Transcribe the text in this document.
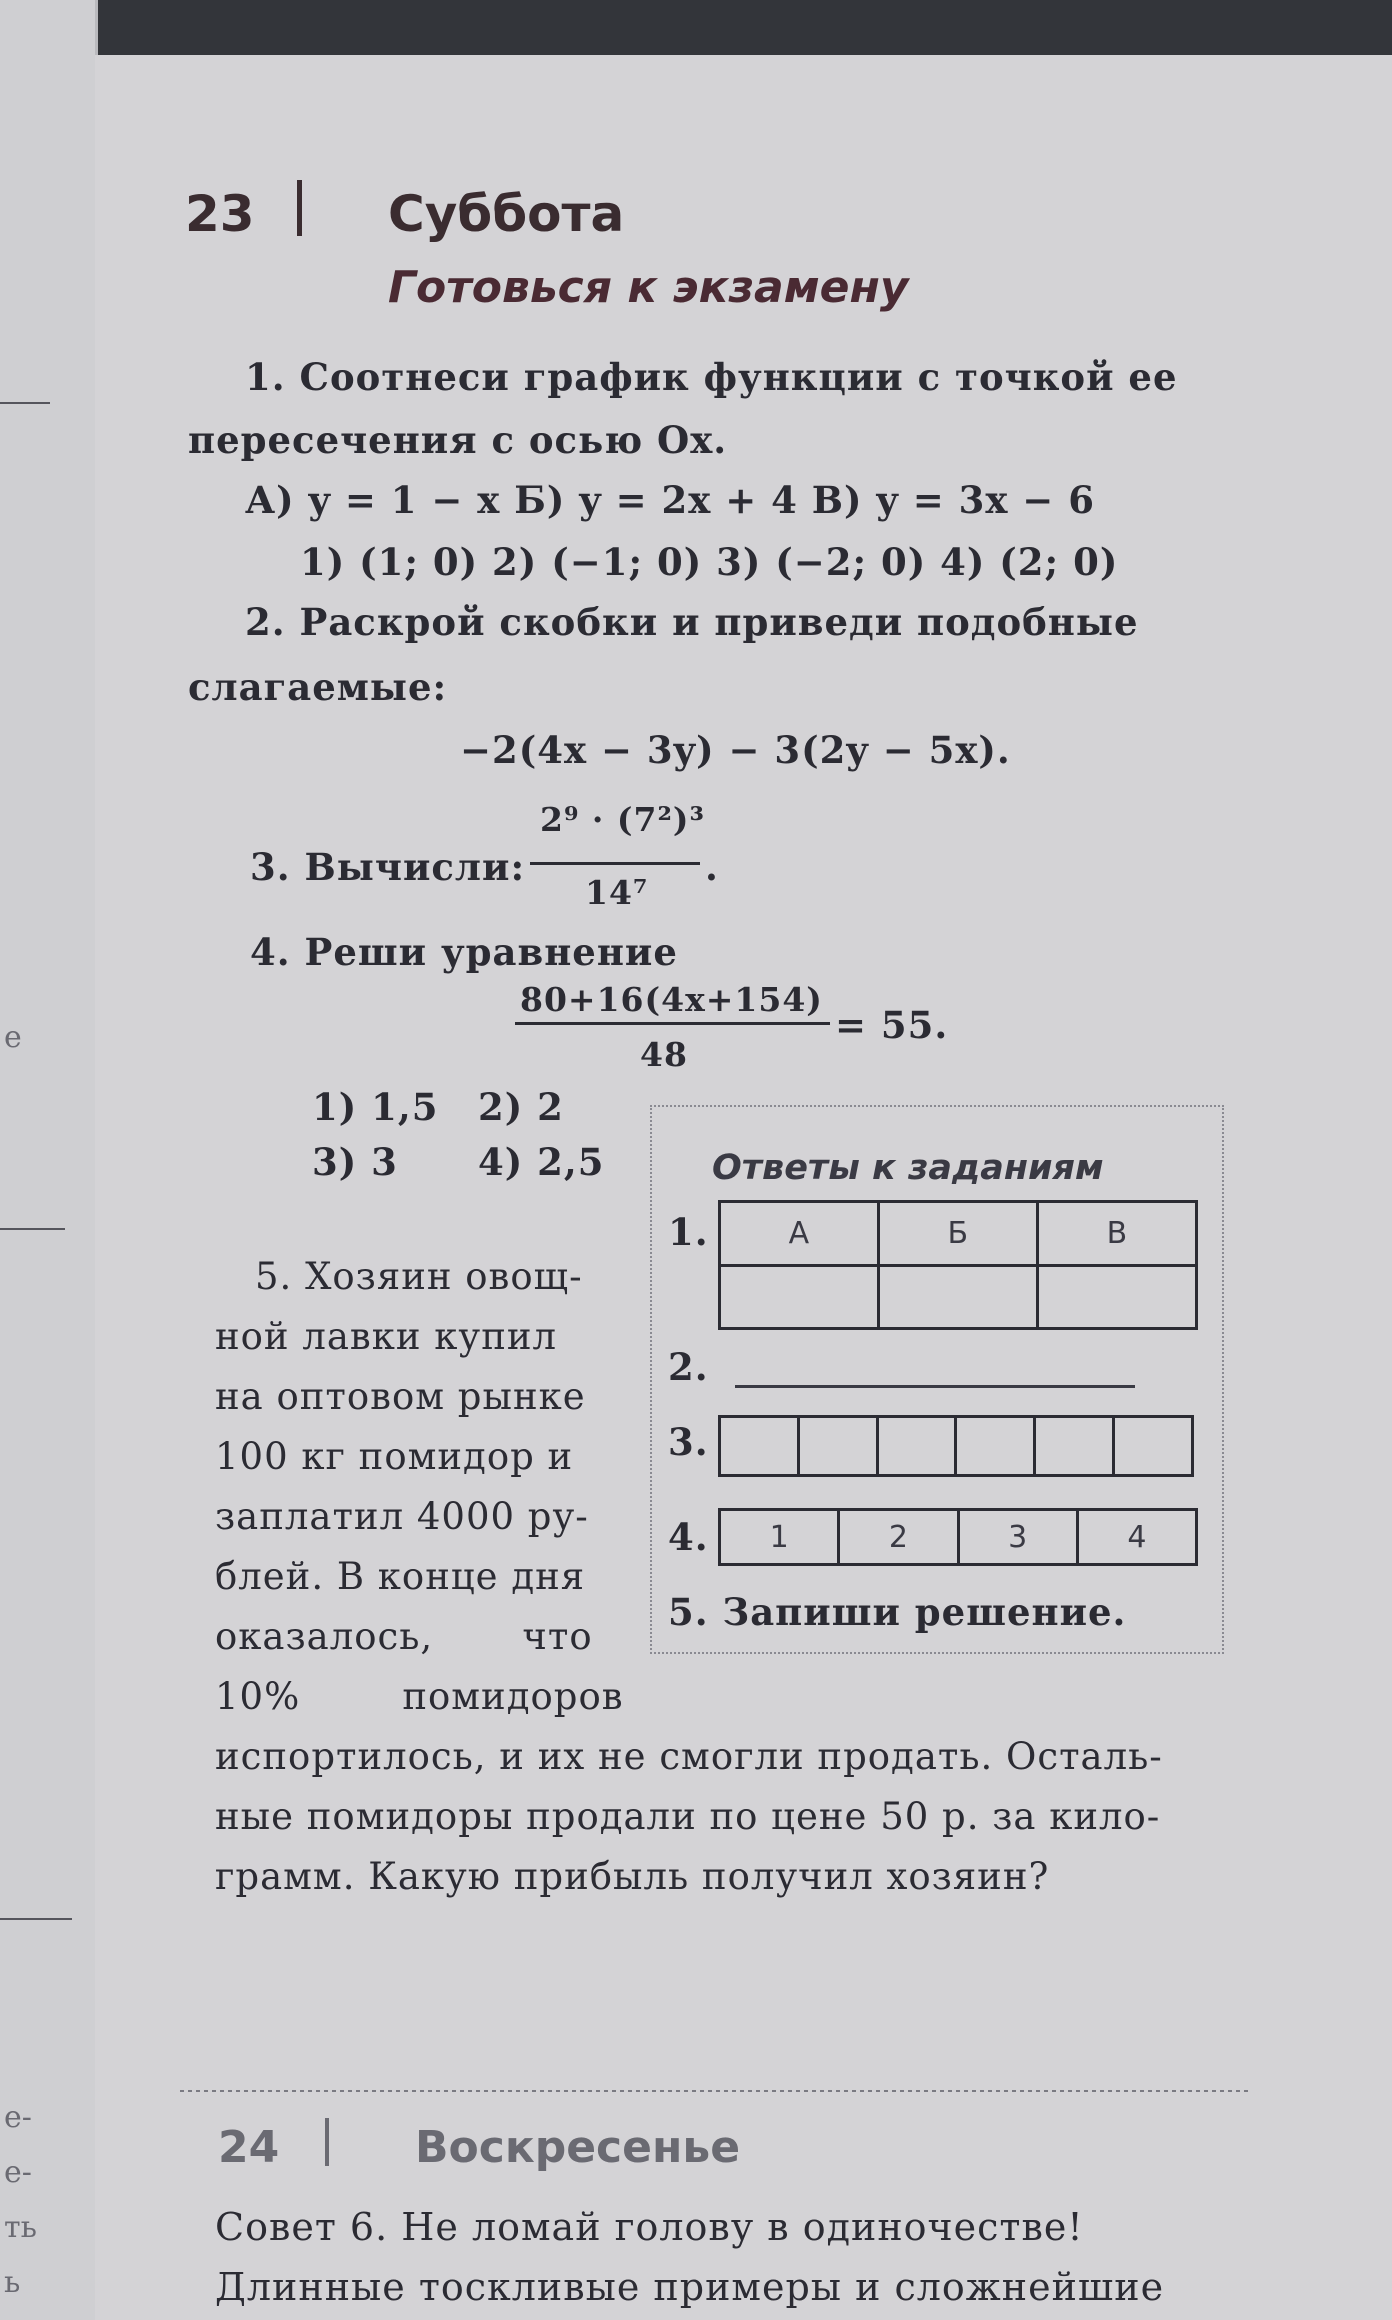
е
е-
е-
ть
ь
23	Суббота
Готовься к экзамену
1. Соотнеси график функции с точкой ее
пересечения с осью Ox.
А) y = 1 − x Б) y = 2x + 4 В) y = 3x − 6
1) (1; 0) 2) (−1; 0) 3) (−2; 0) 4) (2; 0)
2. Раскрой скобки и приведи подобные
слагаемые:
−2(4x − 3y) − 3(2y − 5x).
3. Вычисли:
2⁹ · (7²)³
14⁷
.
4. Реши уравнение
80+16(4x+154)
= 55.
48
1) 1,5 2) 2
3) 3 4) 2,5
5. Хозяин овощ-
ной лавки купил
на оптовом рынке
100 кг помидор и
заплатил 4000 ру-
блей. В конце дня
оказалось,       что
10%        помидоров
испортилось, и их не смогли продать. Осталь-
ные помидоры продали по цене 50 р. за кило-
грамм. Какую прибыль получил хозяин?
Ответы к заданиям
1.	А	Б	В

2.
3.

4. 1	2	3	4
5. Запиши решение.
24	Воскресенье
Совет 6. Не ломай голову в одиночестве!
Длинные тоскливые примеры и сложнейшие
